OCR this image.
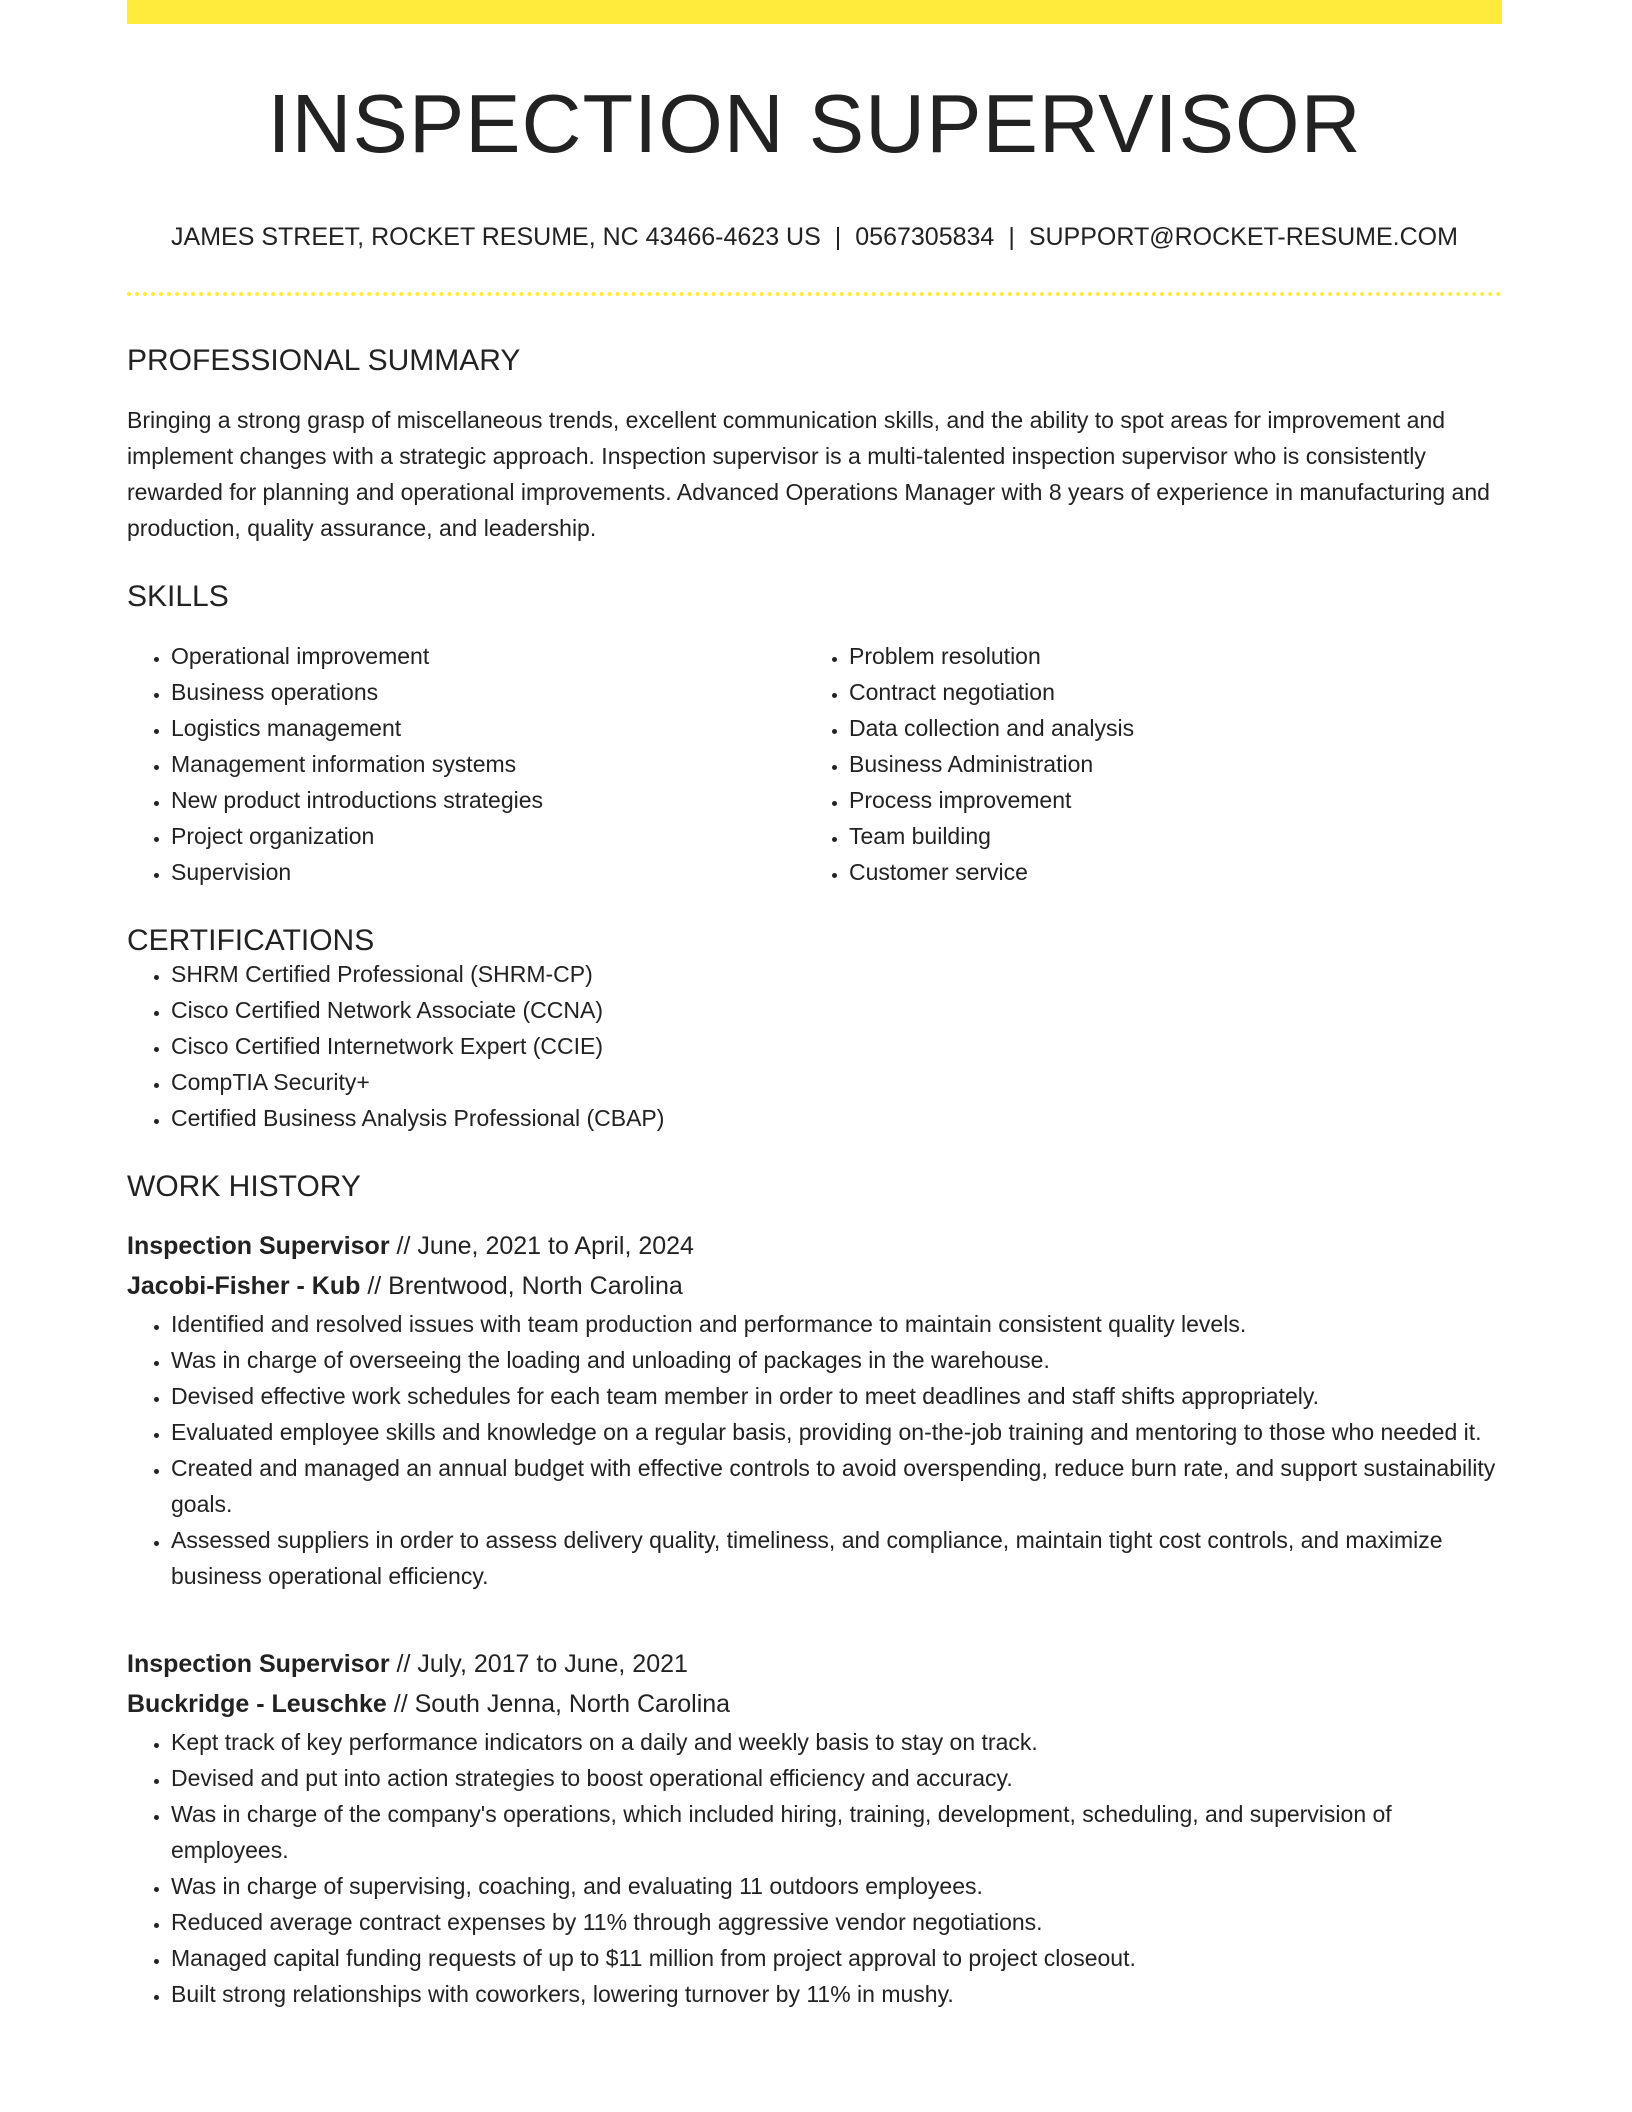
INSPECTION SUPERVISOR
JAMES STREET, ROCKET RESUME, NC 43466-4623 US | 0567305834 | SUPPORT@ROCKET-RESUME.COM
PROFESSIONAL SUMMARY
Bringing a strong grasp of miscellaneous trends, excellent communication skills, and the ability to spot areas for improvement and implement changes with a strategic approach. Inspection supervisor is a multi-talented inspection supervisor who is consistently rewarded for planning and operational improvements. Advanced Operations Manager with 8 years of experience in manufacturing and production, quality assurance, and leadership.
SKILLS
• Operational improvement
• Business operations
• Logistics management
• Management information systems
• New product introductions strategies
• Project organization
• Supervision
• Problem resolution
• Contract negotiation
• Data collection and analysis
• Business Administration
• Process improvement
• Team building
• Customer service
CERTIFICATIONS
• SHRM Certified Professional (SHRM-CP)
• Cisco Certified Network Associate (CCNA)
• Cisco Certified Internetwork Expert (CCIE)
• CompTIA Security+
• Certified Business Analysis Professional (CBAP)
WORK HISTORY
Inspection Supervisor // June, 2021 to April, 2024
Jacobi-Fisher - Kub // Brentwood, North Carolina
• Identified and resolved issues with team production and performance to maintain consistent quality levels.
• Was in charge of overseeing the loading and unloading of packages in the warehouse.
• Devised effective work schedules for each team member in order to meet deadlines and staff shifts appropriately.
• Evaluated employee skills and knowledge on a regular basis, providing on-the-job training and mentoring to those who needed it.
• Created and managed an annual budget with effective controls to avoid overspending, reduce burn rate, and support sustainability goals.
• Assessed suppliers in order to assess delivery quality, timeliness, and compliance, maintain tight cost controls, and maximize business operational efficiency.
Inspection Supervisor // July, 2017 to June, 2021
Buckridge - Leuschke // South Jenna, North Carolina
• Kept track of key performance indicators on a daily and weekly basis to stay on track.
• Devised and put into action strategies to boost operational efficiency and accuracy.
• Was in charge of the company's operations, which included hiring, training, development, scheduling, and supervision of employees.
• Was in charge of supervising, coaching, and evaluating 11 outdoors employees.
• Reduced average contract expenses by 11% through aggressive vendor negotiations.
• Managed capital funding requests of up to $11 million from project approval to project closeout.
• Built strong relationships with coworkers, lowering turnover by 11% in mushy.
